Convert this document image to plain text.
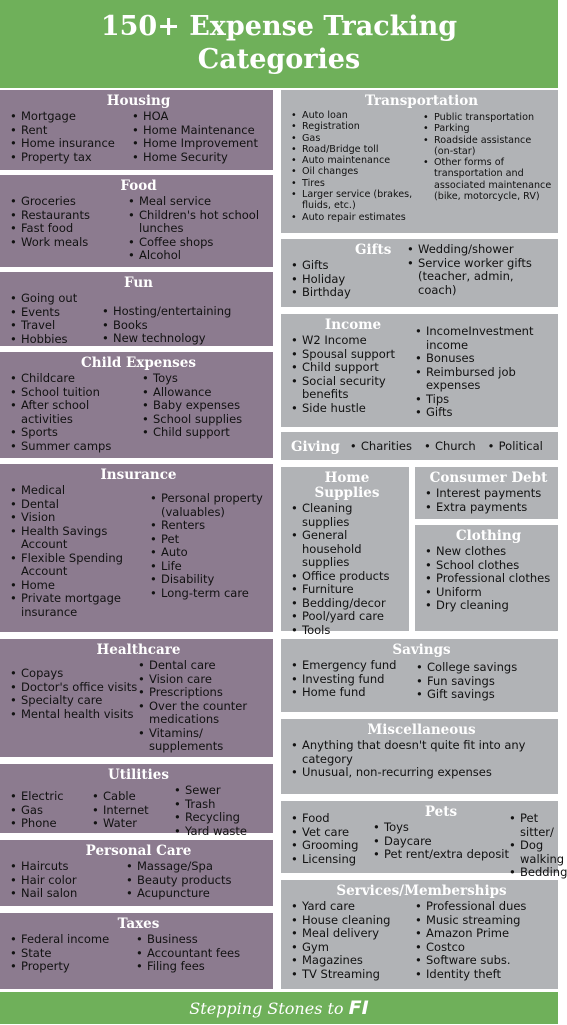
150+ Expense Tracking
Categories
Housing
• Mortgage
• Rent
• Home insurance
• Property tax
• HOA
• Home Maintenance
• Home Improvement
• Home Security
Food
• Groceries
• Restaurants
• Fast food
• Work meals
• Meal service
• Children's hot school lunches
• Coffee shops
• Alcohol
Fun
• Going out
• Events
• Travel
• Hobbies
• Hosting/entertaining
• Books
• New technology
Child Expenses
• Childcare
• School tuition
• After school activities
• Sports
• Summer camps
• Toys
• Allowance
• Baby expenses
• School supplies
• Child support
Insurance
• Medical
• Dental
• Vision
• Health Savings Account
• Flexible Spending Account
• Home
• Private mortgage insurance
• Personal property (valuables)
• Renters
• Pet
• Auto
• Life
• Disability
• Long-term care
Healthcare
• Copays
• Doctor's office visits
• Specialty care
• Mental health visits
• Dental care
• Vision care
• Prescriptions
• Over the counter medications
• Vitamins/ supplements
Utilities
• Electric
• Gas
• Phone
• Cable
• Internet
• Water
• Sewer
• Trash
• Recycling
• Yard waste
Personal Care
• Haircuts
• Hair color
• Nail salon
• Massage/Spa
• Beauty products
• Acupuncture
Taxes
• Federal income
• State
• Property
• Business
• Accountant fees
• Filing fees
Transportation
• Auto loan
• Registration
• Gas
• Road/Bridge toll
• Auto maintenance
• Oil changes
• Tires
• Larger service (brakes, fluids, etc.)
• Auto repair estimates
• Public transportation
• Parking
• Roadside assistance (on-star)
• Other forms of transportation and associated maintenance (bike, motorcycle, RV)
Gifts
• Gifts
• Holiday
• Birthday
• Wedding/shower
• Service worker gifts (teacher, admin, coach)
Income
• W2 Income
• Spousal support
• Child support
• Social security benefits
• Side hustle
• IncomeInvestment income
• Bonuses
• Reimbursed job expenses
• Tips
• Gifts
Giving	• Charities	• Church	• Political
Home Supplies
• Cleaning supplies
• General household supplies
• Office products
• Furniture
• Bedding/decor
• Pool/yard care
• Tools
Consumer Debt
• Interest payments
• Extra payments
Clothing
• New clothes
• School clothes
• Professional clothes
• Uniform
• Dry cleaning
Savings
• Emergency fund
• Investing fund
• Home fund
• College savings
• Fun savings
• Gift savings
Miscellaneous
• Anything that doesn't quite fit into any category
• Unusual, non-recurring expenses
• Food
• Vet care
• Grooming
• Licensing
Pets
• Toys
• Daycare
• Pet rent/extra deposit
• Pet sitter/
• Dog walking
• Bedding
Services/Memberships
• Yard care
• House cleaning
• Meal delivery
• Gym
• Magazines
• TV Streaming
• Professional dues
• Music streaming
• Amazon Prime
• Costco
• Software subs.
• Identity theft
Stepping Stones to FI
